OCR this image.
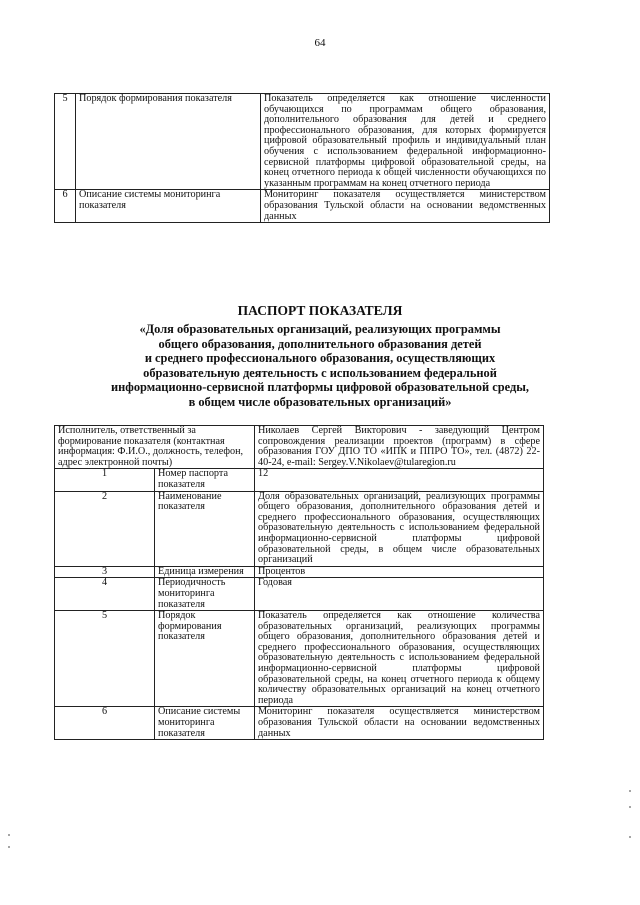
64
5	Порядок формирования показателя	Показатель определяется как отношение численности обучающихся по программам общего образования, дополнительного образования для детей и среднего профессионального образования, для которых формируется цифровой образовательный профиль и индивидуальный план обучения с использованием федеральной информационно-сервисной платформы цифровой образовательной среды, на конец отчетного периода к общей численности обучающихся по указанным программам на конец отчетного периода
6	Описание системы мониторинга показателя	Мониторинг показателя осуществляется министерством образования Тульской области на основании ведомственных данных
ПАСПОРТ ПОКАЗАТЕЛЯ
«Доля образовательных организаций, реализующих программы
общего образования, дополнительного образования детей
и среднего профессионального образования, осуществляющих
образовательную деятельность с использованием федеральной
информационно-сервисной платформы цифровой образовательной среды,
в общем числе образовательных организаций»
Исполнитель, ответственный за формирование показателя (контактная информация: Ф.И.О., должность, телефон, адрес электронной почты)		Николаев Сергей Викторович - заведующий Центром сопровождения реализации проектов (программ) в сфере образования ГОУ ДПО ТО «ИПК и ППРО ТО», тел. (4872) 22-40-24, e-mail: Sergey.V.Nikolaev@tularegion.ru
1	Номер паспорта показателя	12
2	Наименование показателя	Доля образовательных организаций, реализующих программы общего образования, дополнительного образования детей и среднего профессионального образования, осуществляющих образовательную деятельность с использованием федеральной информационно-сервисной платформы цифровой образовательной среды, в общем числе образовательных организаций
3	Единица измерения	Процентов
4	Периодичность мониторинга показателя	Годовая
5	Порядок формирования показателя	Показатель определяется как отношение количества образовательных организаций, реализующих программы общего образования, дополнительного образования детей и среднего профессионального образования, осуществляющих образовательную деятельность с использованием федеральной информационно-сервисной платформы цифровой образовательной среды, на конец отчетного периода к общему количеству образовательных организаций на конец отчетного периода
6	Описание системы мониторинга показателя	Мониторинг показателя осуществляется министерством образования Тульской области на основании ведомственных данных
